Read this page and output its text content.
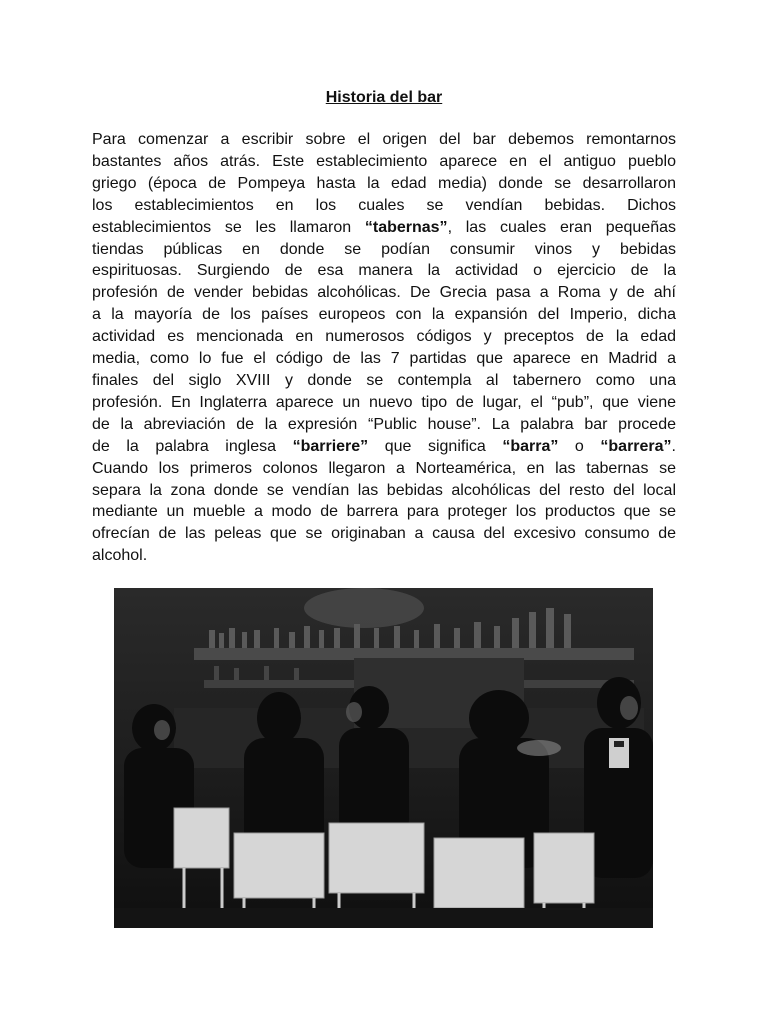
Historia del bar
Para comenzar a escribir sobre el origen del bar debemos remontarnos
bastantes años atrás. Este establecimiento aparece en el antiguo pueblo
griego (época de Pompeya hasta la edad media) donde se desarrollaron
los establecimientos en los cuales se vendían bebidas. Dichos
establecimientos se les llamaron “tabernas”, las cuales eran pequeñas
tiendas públicas en donde se podían consumir vinos y bebidas
espirituosas. Surgiendo de esa manera la actividad o ejercicio de la
profesión de vender bebidas alcohólicas. De Grecia pasa a Roma y de ahí
a la mayoría de los países europeos con la expansión del Imperio, dicha
actividad es mencionada en numerosos códigos y preceptos de la edad
media, como lo fue el código de las 7 partidas que aparece en Madrid a
finales del siglo XVIII y donde se contempla al tabernero como una
profesión. En Inglaterra aparece un nuevo tipo de lugar, el “pub”, que viene
de la abreviación de la expresión “Public house”. La palabra bar procede
de la palabra inglesa “barriere” que significa “barra” o “barrera”.
Cuando los primeros colonos llegaron a Norteamérica, en las tabernas se
separa la zona donde se vendían las bebidas alcohólicas del resto del local
mediante un mueble a modo de barrera para proteger los productos que se
ofrecían de las peleas que se originaban a causa del excesivo consumo de
alcohol.
